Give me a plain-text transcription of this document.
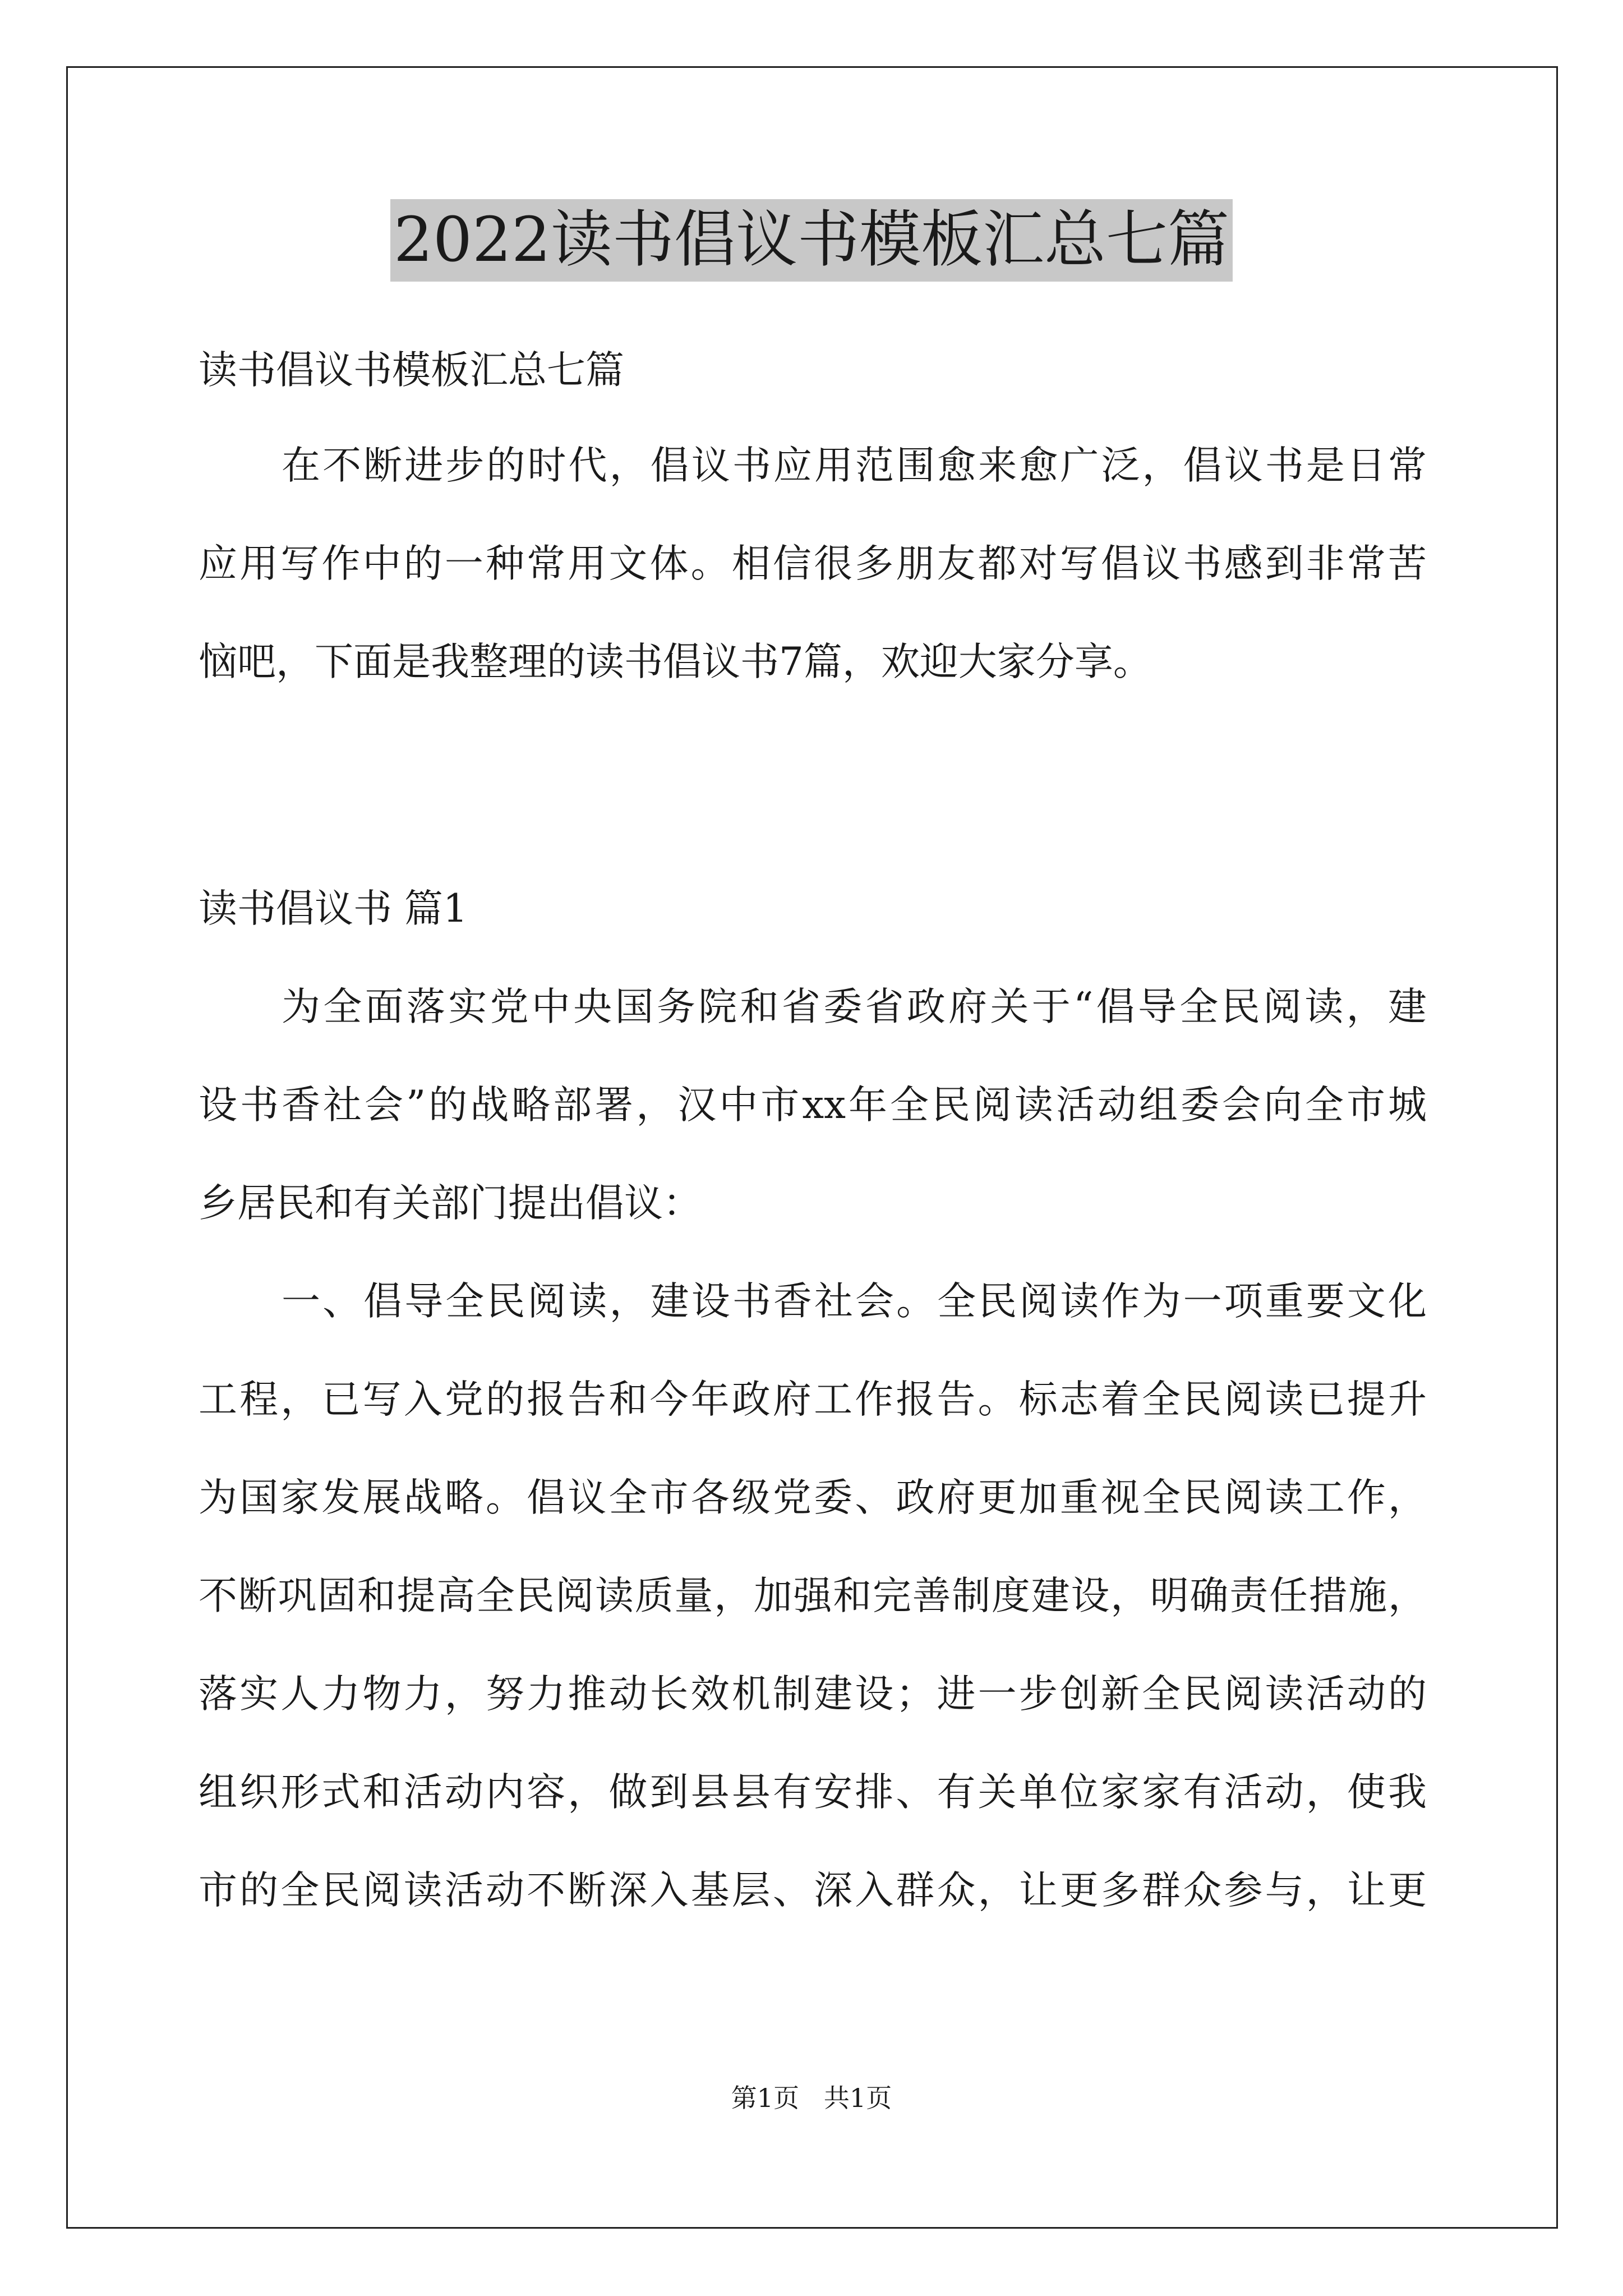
2022读书倡议书模板汇总七篇

读书倡议书模板汇总七篇

在不断进步的时代，倡议书应用范围愈来愈广泛，倡议书是日常

应用写作中的一种常用文体。相信很多朋友都对写倡议书感到非常苦

恼吧，下面是我整理的读书倡议书7篇，欢迎大家分享。

读书倡议书 篇1

为全面落实党中央国务院和省委省政府关于“倡导全民阅读，建

设书香社会”的战略部署，汉中市xx年全民阅读活动组委会向全市城

乡居民和有关部门提出倡议：

一、倡导全民阅读，建设书香社会。全民阅读作为一项重要文化

工程，已写入党的报告和今年政府工作报告。标志着全民阅读已提升

为国家发展战略。倡议全市各级党委、政府更加重视全民阅读工作，

不断巩固和提高全民阅读质量，加强和完善制度建设，明确责任措施，

落实人力物力，努力推动长效机制建设；进一步创新全民阅读活动的

组织形式和活动内容，做到县县有安排、有关单位家家有活动，使我

市的全民阅读活动不断深入基层、深入群众，让更多群众参与，让更

第1页   共1页
